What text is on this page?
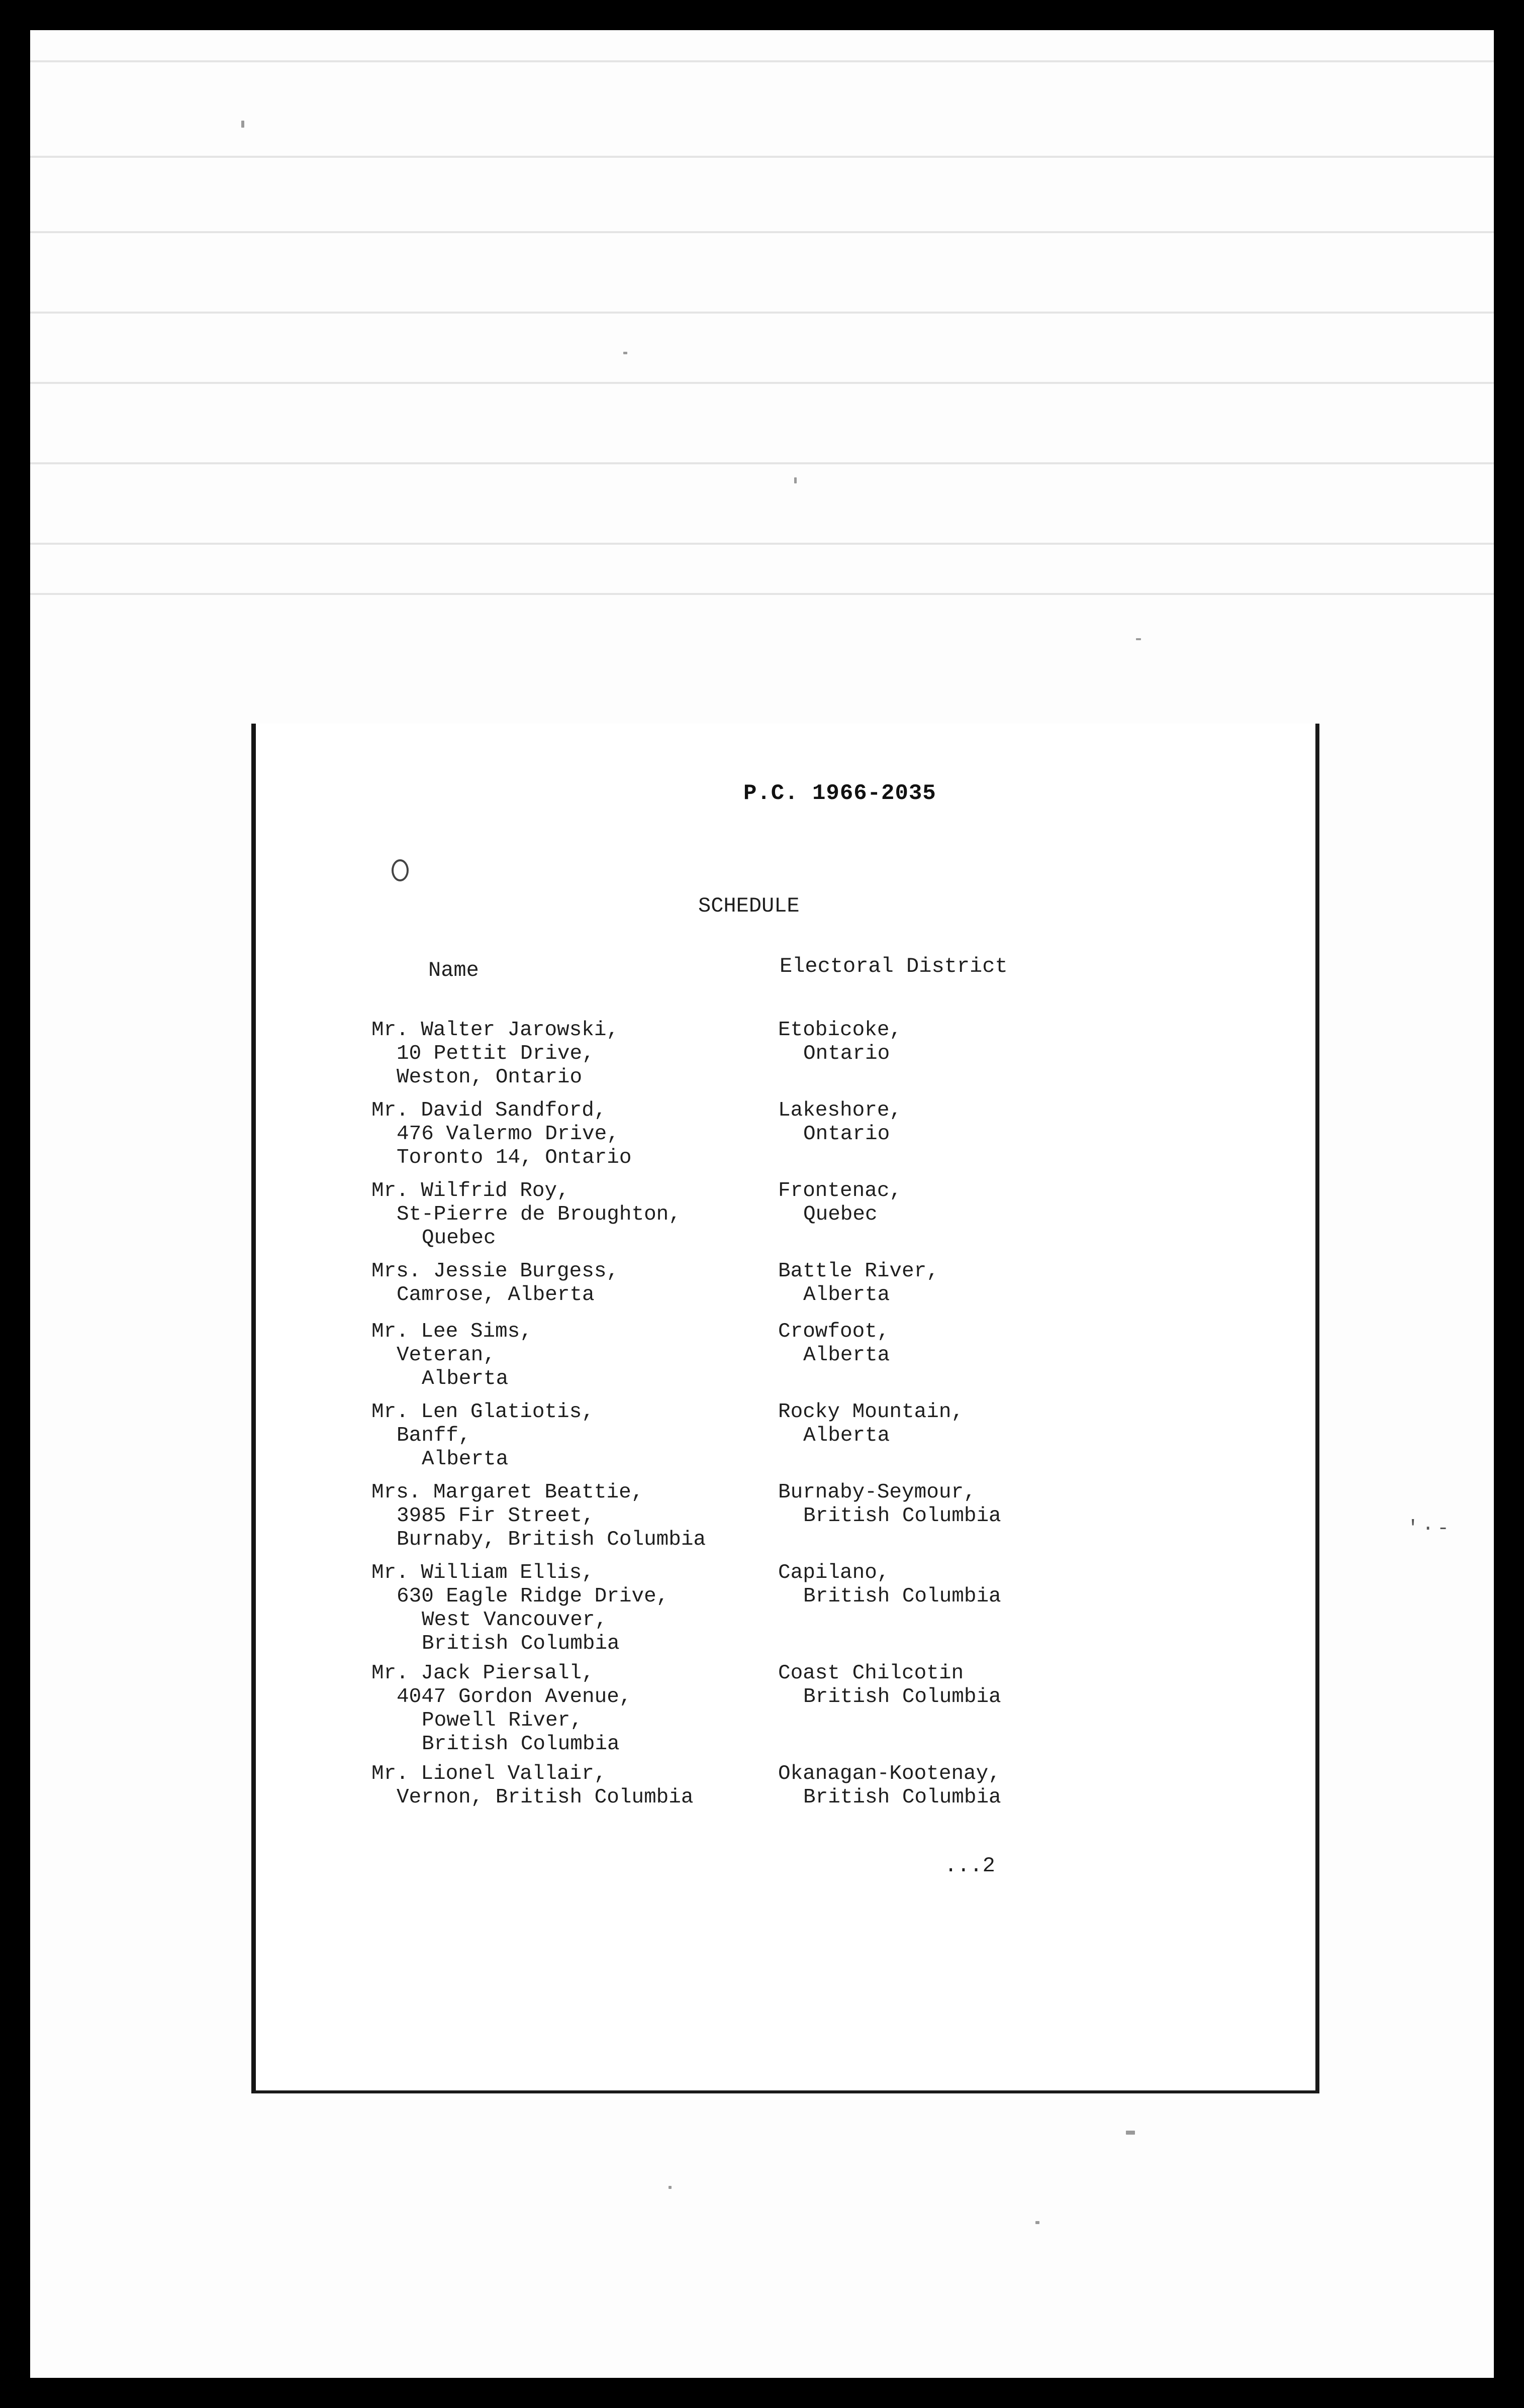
'·-
P.C. 1966-2035
SCHEDULE
Name	Electoral District
Mr. Walter Jarowski,
10 Pettit Drive,
Weston, Ontario
Etobicoke,
Ontario
Mr. David Sandford,
476 Valermo Drive,
Toronto 14, Ontario
Lakeshore,
Ontario
Mr. Wilfrid Roy,
St-Pierre de Broughton,
Quebec
Frontenac,
Quebec
Mrs. Jessie Burgess,
Camrose, Alberta
Battle River,
Alberta
Mr. Lee Sims,
Veteran,
Alberta
Crowfoot,
Alberta
Mr. Len Glatiotis,
Banff,
Alberta
Rocky Mountain,
Alberta
Mrs. Margaret Beattie,
3985 Fir Street,
Burnaby, British Columbia
Burnaby-Seymour,
British Columbia
Mr. William Ellis,
630 Eagle Ridge Drive,
West Vancouver,
British Columbia
Capilano,
British Columbia
Mr. Jack Piersall,
4047 Gordon Avenue,
Powell River,
British Columbia
Coast Chilcotin
British Columbia
Mr. Lionel Vallair,
Vernon, British Columbia
Okanagan-Kootenay,
British Columbia
...2
